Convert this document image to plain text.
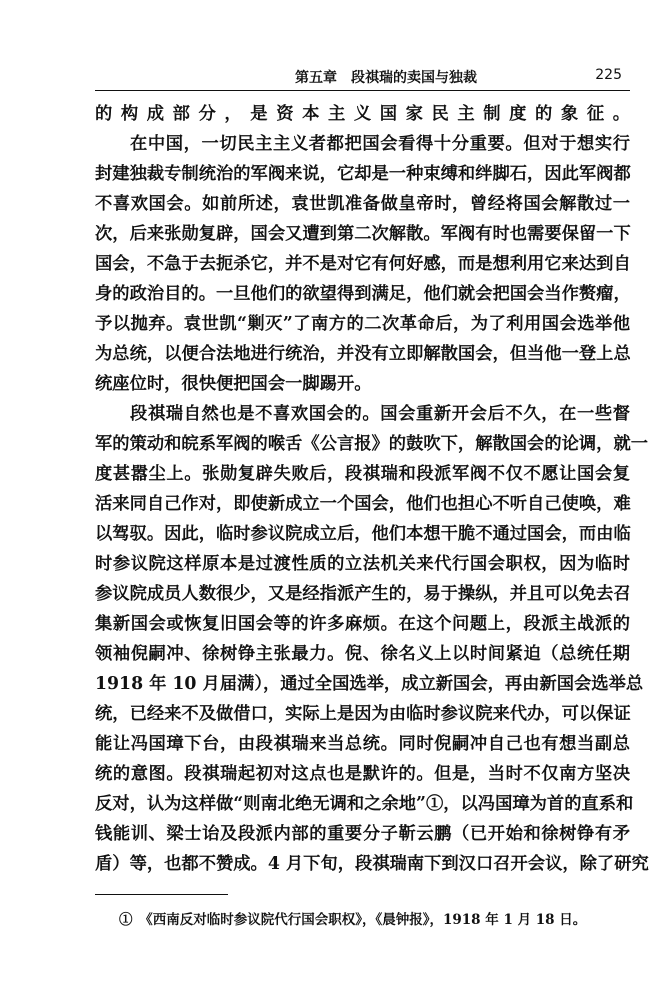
第五章　段祺瑞的卖国与独裁	225
的构成部分，是资本主义国家民主制度的象征。
在中国，一切民主主义者都把国会看得十分重要。但对于想实行
封建独裁专制统治的军阀来说，它却是一种束缚和绊脚石，因此军阀都
不喜欢国会。如前所述，袁世凯准备做皇帝时，曾经将国会解散过一
次，后来张勋复辟，国会又遭到第二次解散。军阀有时也需要保留一下
国会，不急于去扼杀它，并不是对它有何好感，而是想利用它来达到自
身的政治目的。一旦他们的欲望得到满足，他们就会把国会当作赘瘤，
予以抛弃。袁世凯“剿灭”了南方的二次革命后，为了利用国会选举他
为总统，以便合法地进行统治，并没有立即解散国会，但当他一登上总
统座位时，很快便把国会一脚踢开。
段祺瑞自然也是不喜欢国会的。国会重新开会后不久，在一些督
军的策动和皖系军阀的喉舌《公言报》的鼓吹下，解散国会的论调，就一
度甚嚣尘上。张勋复辟失败后，段祺瑞和段派军阀不仅不愿让国会复
活来同自己作对，即使新成立一个国会，他们也担心不听自己使唤，难
以驾驭。因此，临时参议院成立后，他们本想干脆不通过国会，而由临
时参议院这样原本是过渡性质的立法机关来代行国会职权，因为临时
参议院成员人数很少，又是经指派产生的，易于操纵，并且可以免去召
集新国会或恢复旧国会等的许多麻烦。在这个问题上，段派主战派的
领袖倪嗣冲、徐树铮主张最力。倪、徐名义上以时间紧迫（总统任期
1918 年 10 月届满），通过全国选举，成立新国会，再由新国会选举总
统，已经来不及做借口，实际上是因为由临时参议院来代办，可以保证
能让冯国璋下台，由段祺瑞来当总统。同时倪嗣冲自己也有想当副总
统的意图。段祺瑞起初对这点也是默许的。但是，当时不仅南方坚决
反对，认为这样做“则南北绝无调和之余地”①，以冯国璋为首的直系和
钱能训、梁士诒及段派内部的重要分子靳云鹏（已开始和徐树铮有矛
盾）等，也都不赞成。4 月下旬，段祺瑞南下到汉口召开会议，除了研究
①　《西南反对临时参议院代行国会职权》，《晨钟报》，1918 年 1 月 18 日。
